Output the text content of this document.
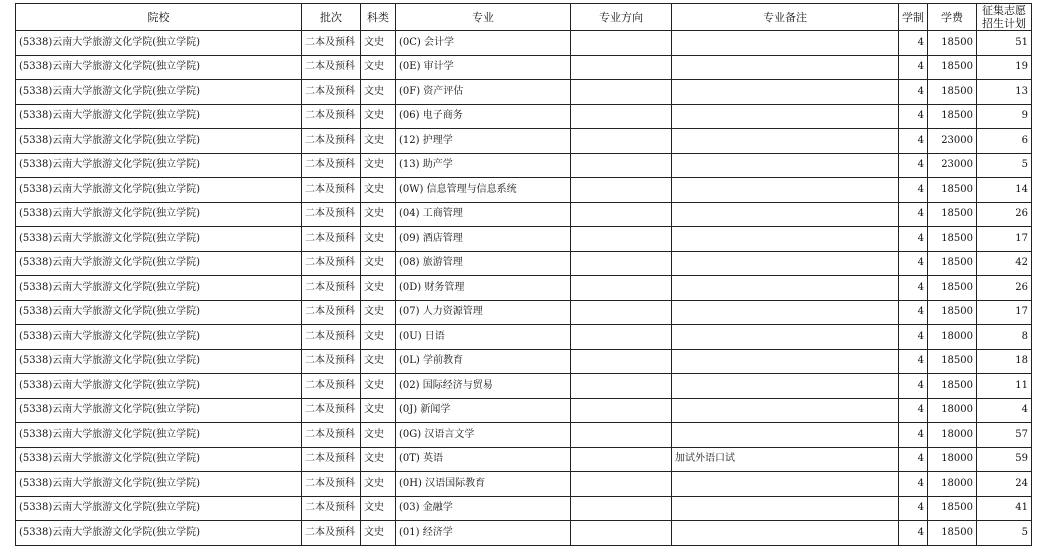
院校	批次	科类	专业	专业方向	专业备注	学制	学费	征集志愿
招生计划
(5338)云南大学旅游文化学院(独立学院)	二本及预科	文史	(0C) 会计学			4	18500	51
(5338)云南大学旅游文化学院(独立学院)	二本及预科	文史	(0E) 审计学			4	18500	19
(5338)云南大学旅游文化学院(独立学院)	二本及预科	文史	(0F) 资产评估			4	18500	13
(5338)云南大学旅游文化学院(独立学院)	二本及预科	文史	(06) 电子商务			4	18500	9
(5338)云南大学旅游文化学院(独立学院)	二本及预科	文史	(12) 护理学			4	23000	6
(5338)云南大学旅游文化学院(独立学院)	二本及预科	文史	(13) 助产学			4	23000	5
(5338)云南大学旅游文化学院(独立学院)	二本及预科	文史	(0W) 信息管理与信息系统			4	18500	14
(5338)云南大学旅游文化学院(独立学院)	二本及预科	文史	(04) 工商管理			4	18500	26
(5338)云南大学旅游文化学院(独立学院)	二本及预科	文史	(09) 酒店管理			4	18500	17
(5338)云南大学旅游文化学院(独立学院)	二本及预科	文史	(08) 旅游管理			4	18500	42
(5338)云南大学旅游文化学院(独立学院)	二本及预科	文史	(0D) 财务管理			4	18500	26
(5338)云南大学旅游文化学院(独立学院)	二本及预科	文史	(07) 人力资源管理			4	18500	17
(5338)云南大学旅游文化学院(独立学院)	二本及预科	文史	(0U) 日语			4	18000	8
(5338)云南大学旅游文化学院(独立学院)	二本及预科	文史	(0L) 学前教育			4	18500	18
(5338)云南大学旅游文化学院(独立学院)	二本及预科	文史	(02) 国际经济与贸易			4	18500	11
(5338)云南大学旅游文化学院(独立学院)	二本及预科	文史	(0J) 新闻学			4	18000	4
(5338)云南大学旅游文化学院(独立学院)	二本及预科	文史	(0G) 汉语言文学			4	18000	57
(5338)云南大学旅游文化学院(独立学院)	二本及预科	文史	(0T) 英语		加试外语口试	4	18000	59
(5338)云南大学旅游文化学院(独立学院)	二本及预科	文史	(0H) 汉语国际教育			4	18000	24
(5338)云南大学旅游文化学院(独立学院)	二本及预科	文史	(03) 金融学			4	18500	41
(5338)云南大学旅游文化学院(独立学院)	二本及预科	文史	(01) 经济学			4	18500	5
